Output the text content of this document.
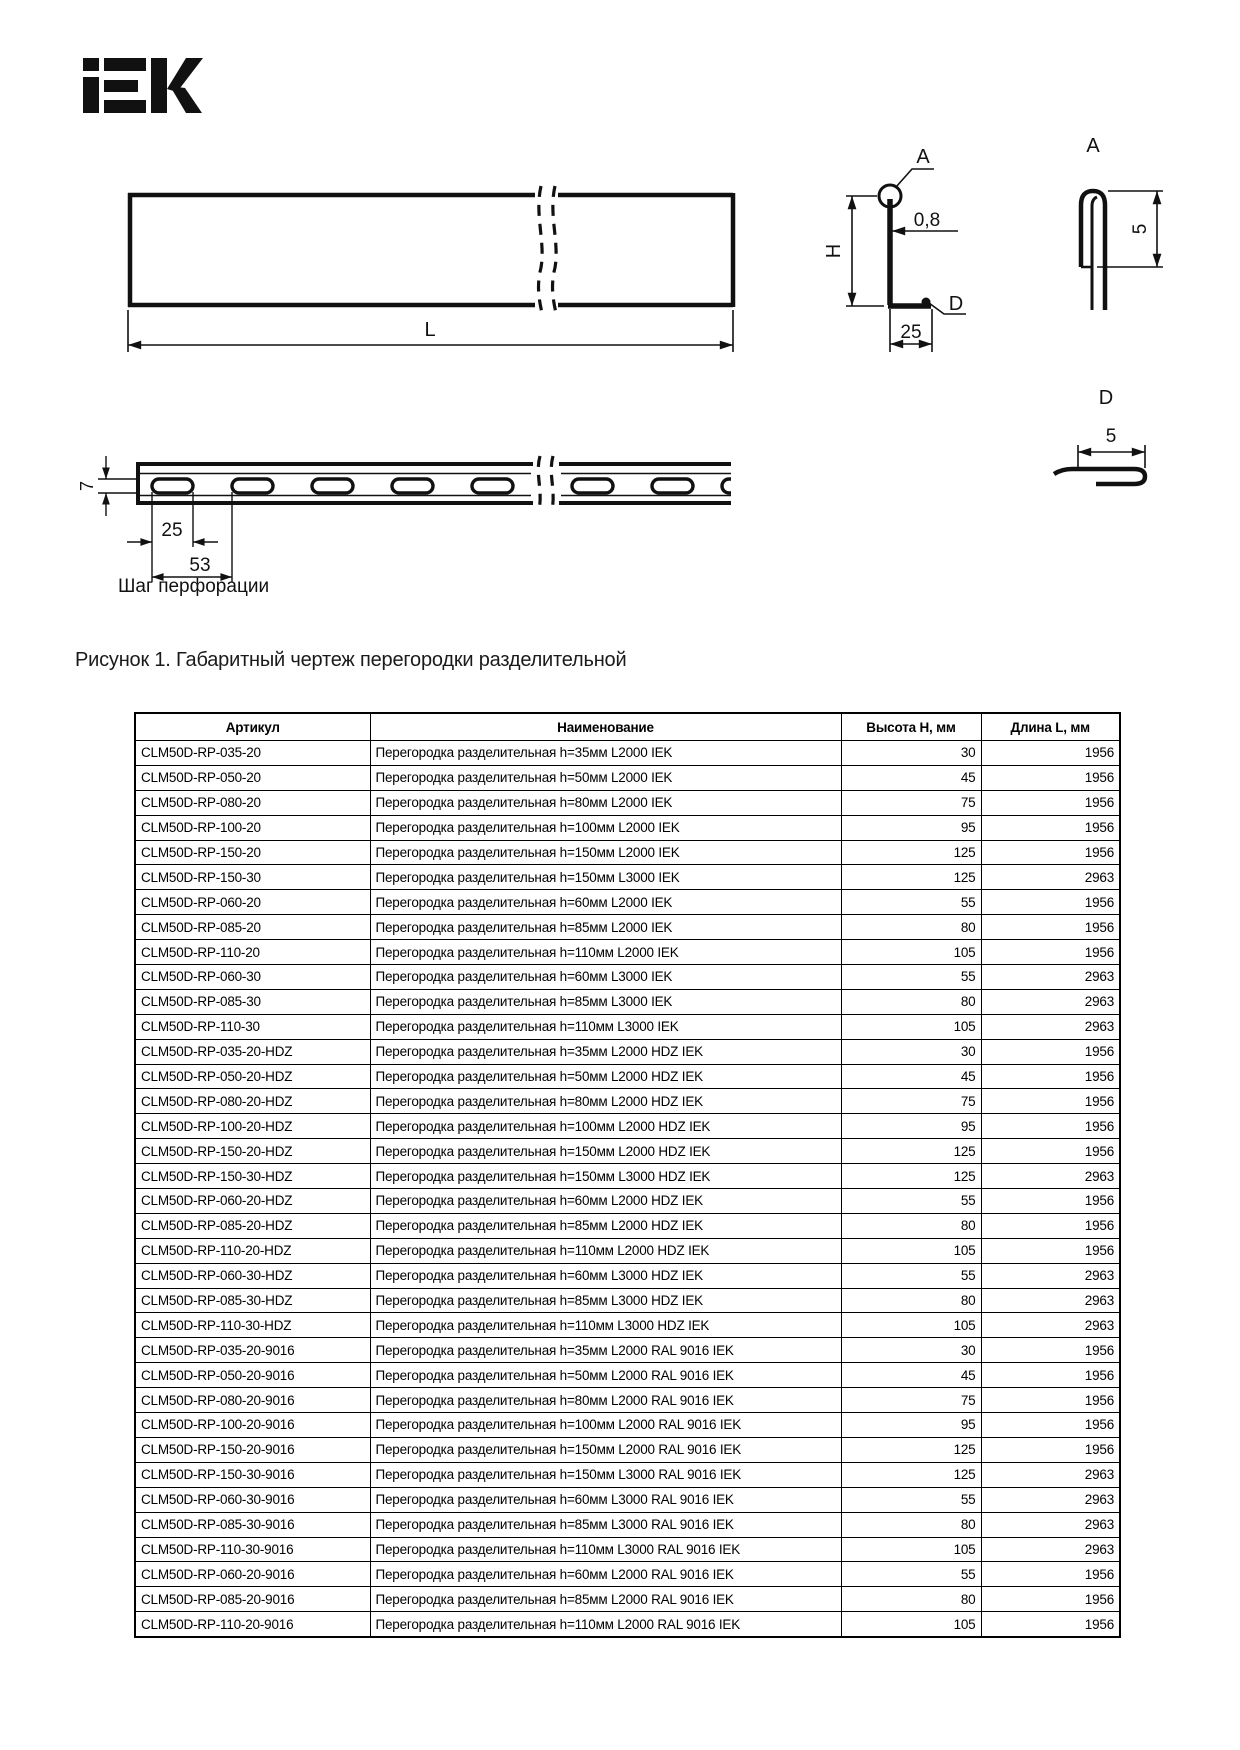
L
A
0,8
H
D
25
A
5
D
5
7
25
53
Шаг перфорации
Рисунок 1. Габаритный чертеж перегородки разделительной
Артикул	Наименование	Высота H, мм	Длина L, мм
CLM50D-RP-035-20	Перегородка разделительная h=35мм L2000 IEK	30	1956
CLM50D-RP-050-20	Перегородка разделительная h=50мм L2000 IEK	45	1956
CLM50D-RP-080-20	Перегородка разделительная h=80мм L2000 IEK	75	1956
CLM50D-RP-100-20	Перегородка разделительная h=100мм L2000 IEK	95	1956
CLM50D-RP-150-20	Перегородка разделительная h=150мм L2000 IEK	125	1956
CLM50D-RP-150-30	Перегородка разделительная h=150мм L3000 IEK	125	2963
CLM50D-RP-060-20	Перегородка разделительная h=60мм L2000 IEK	55	1956
CLM50D-RP-085-20	Перегородка разделительная h=85мм L2000 IEK	80	1956
CLM50D-RP-110-20	Перегородка разделительная h=110мм L2000 IEK	105	1956
CLM50D-RP-060-30	Перегородка разделительная h=60мм L3000 IEK	55	2963
CLM50D-RP-085-30	Перегородка разделительная h=85мм L3000 IEK	80	2963
CLM50D-RP-110-30	Перегородка разделительная h=110мм L3000 IEK	105	2963
CLM50D-RP-035-20-HDZ	Перегородка разделительная h=35мм L2000 HDZ IEK	30	1956
CLM50D-RP-050-20-HDZ	Перегородка разделительная h=50мм L2000 HDZ IEK	45	1956
CLM50D-RP-080-20-HDZ	Перегородка разделительная h=80мм L2000 HDZ IEK	75	1956
CLM50D-RP-100-20-HDZ	Перегородка разделительная h=100мм L2000 HDZ IEK	95	1956
CLM50D-RP-150-20-HDZ	Перегородка разделительная h=150мм L2000 HDZ IEK	125	1956
CLM50D-RP-150-30-HDZ	Перегородка разделительная h=150мм L3000 HDZ IEK	125	2963
CLM50D-RP-060-20-HDZ	Перегородка разделительная h=60мм L2000 HDZ IEK	55	1956
CLM50D-RP-085-20-HDZ	Перегородка разделительная h=85мм L2000 HDZ IEK	80	1956
CLM50D-RP-110-20-HDZ	Перегородка разделительная h=110мм L2000 HDZ IEK	105	1956
CLM50D-RP-060-30-HDZ	Перегородка разделительная h=60мм L3000 HDZ IEK	55	2963
CLM50D-RP-085-30-HDZ	Перегородка разделительная h=85мм L3000 HDZ IEK	80	2963
CLM50D-RP-110-30-HDZ	Перегородка разделительная h=110мм L3000 HDZ IEK	105	2963
CLM50D-RP-035-20-9016	Перегородка разделительная h=35мм L2000 RAL 9016 IEK	30	1956
CLM50D-RP-050-20-9016	Перегородка разделительная h=50мм L2000 RAL 9016 IEK	45	1956
CLM50D-RP-080-20-9016	Перегородка разделительная h=80мм L2000 RAL 9016 IEK	75	1956
CLM50D-RP-100-20-9016	Перегородка разделительная h=100мм L2000 RAL 9016 IEK	95	1956
CLM50D-RP-150-20-9016	Перегородка разделительная h=150мм L2000 RAL 9016 IEK	125	1956
CLM50D-RP-150-30-9016	Перегородка разделительная h=150мм L3000 RAL 9016 IEK	125	2963
CLM50D-RP-060-30-9016	Перегородка разделительная h=60мм L3000 RAL 9016 IEK	55	2963
CLM50D-RP-085-30-9016	Перегородка разделительная h=85мм L3000 RAL 9016 IEK	80	2963
CLM50D-RP-110-30-9016	Перегородка разделительная h=110мм L3000 RAL 9016 IEK	105	2963
CLM50D-RP-060-20-9016	Перегородка разделительная h=60мм L2000 RAL 9016 IEK	55	1956
CLM50D-RP-085-20-9016	Перегородка разделительная h=85мм L2000 RAL 9016 IEK	80	1956
CLM50D-RP-110-20-9016	Перегородка разделительная h=110мм L2000 RAL 9016 IEK	105	1956
